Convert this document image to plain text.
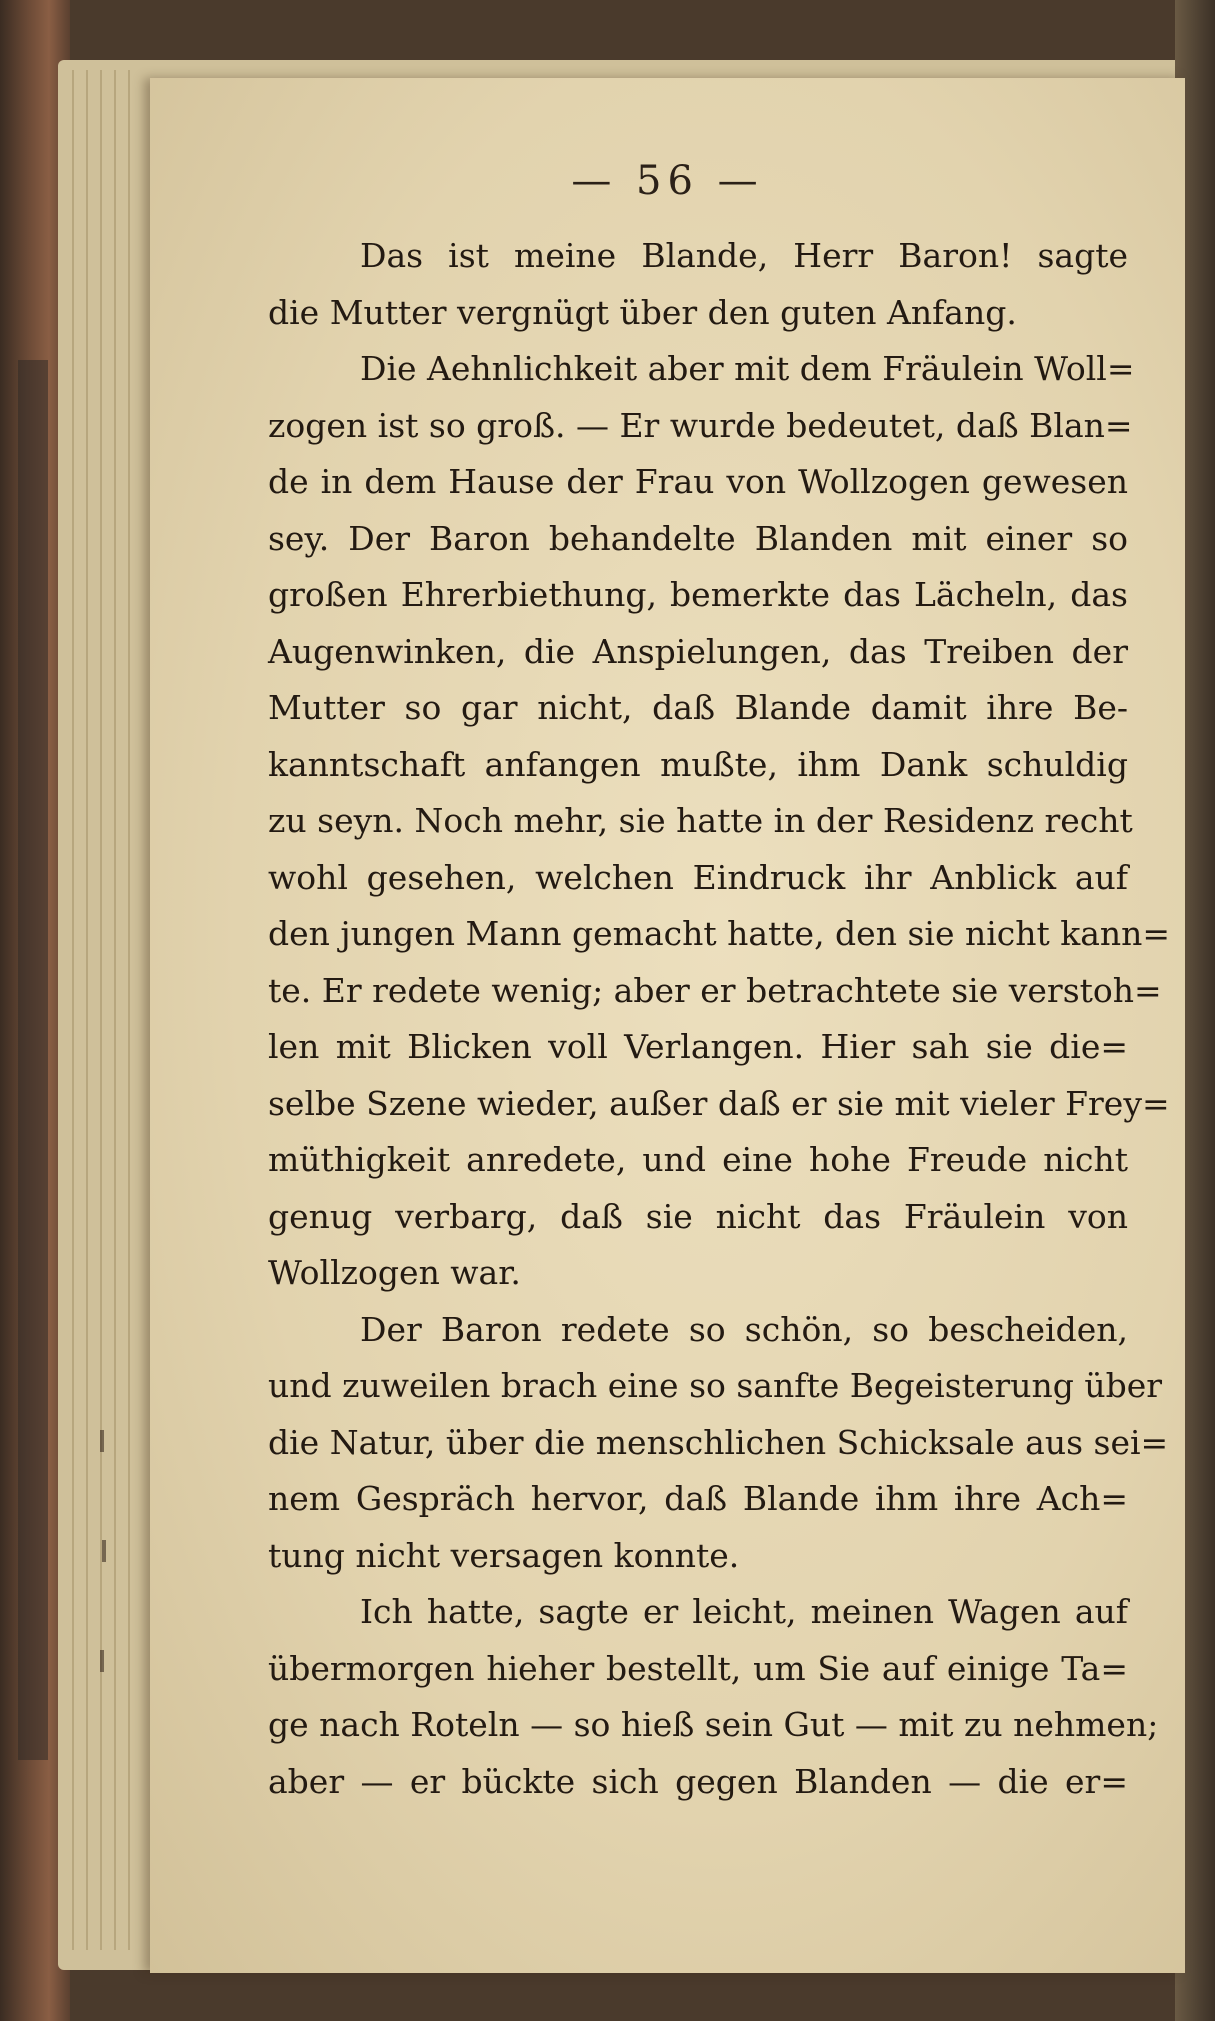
— 56 —
Das ist meine Blande, Herr Baron! sagte
die Mutter vergnügt über den guten Anfang.
Die Aehnlichkeit aber mit dem Fräulein Woll=
zogen ist so groß. — Er wurde bedeutet, daß Blan=
de in dem Hause der Frau von Wollzogen gewesen
sey. Der Baron behandelte Blanden mit einer so
großen Ehrerbiethung, bemerkte das Lächeln, das
Augenwinken, die Anspielungen, das Treiben der
Mutter so gar nicht, daß Blande damit ihre Be-
kanntschaft anfangen mußte, ihm Dank schuldig
zu seyn. Noch mehr, sie hatte in der Residenz recht
wohl gesehen, welchen Eindruck ihr Anblick auf
den jungen Mann gemacht hatte, den sie nicht kann=
te. Er redete wenig; aber er betrachtete sie verstoh=
len mit Blicken voll Verlangen. Hier sah sie die=
selbe Szene wieder, außer daß er sie mit vieler Frey=
müthigkeit anredete, und eine hohe Freude nicht
genug verbarg, daß sie nicht das Fräulein von
Wollzogen war.
Der Baron redete so schön, so bescheiden,
und zuweilen brach eine so sanfte Begeisterung über
die Natur, über die menschlichen Schicksale aus sei=
nem Gespräch hervor, daß Blande ihm ihre Ach=
tung nicht versagen konnte.
Ich hatte, sagte er leicht, meinen Wagen auf
übermorgen hieher bestellt, um Sie auf einige Ta=
ge nach Roteln — so hieß sein Gut — mit zu nehmen;
aber — er bückte sich gegen Blanden — die er=
